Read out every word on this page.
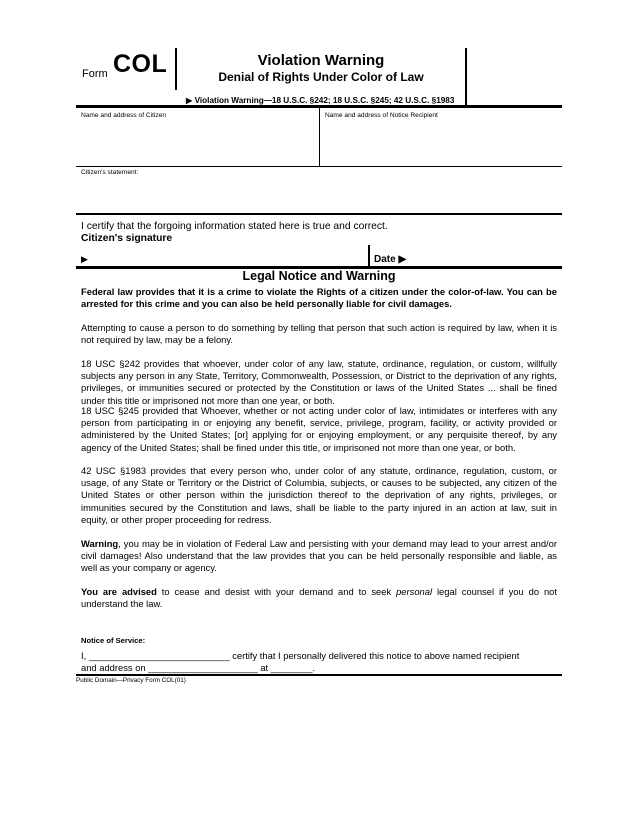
Form COL	Violation Warning
Denial of Rights Under Color of Law
▶ Violation Warning—18 U.S.C. §242; 18 U.S.C. §245; 42 U.S.C. §1983
Name and address of Citizen	Name and address of Notice Recipient
Citizen's statement:
I certify that the forgoing information stated here is true and correct.
Citizen's signature
▶	Date ▶
Legal Notice and Warning
Federal law provides that it is a crime to violate the Rights of a citizen under the color-of-law. You can be arrested for this crime and you can also be held personally liable for civil damages.
Attempting to cause a person to do something by telling that person that such action is required by law, when it is not required by law, may be a felony.
18 USC §242 provides that whoever, under color of any law, statute, ordinance, regulation, or custom, willfully subjects any person in any State, Territory, Commonwealth, Possession, or District to the deprivation of any rights, privileges, or immunities secured or protected by the Constitution or laws of the United States ... shall be fined under this title or imprisoned not more than one year, or both.
18 USC §245 provided that Whoever, whether or not acting under color of law, intimidates or interferes with any person from participating in or enjoying any benefit, service, privilege, program, facility, or activity provided or administered by the United States; [or] applying for or enjoying employment, or any perquisite thereof, by any agency of the United States; shall be fined under this title, or imprisoned not more than one year, or both.
42 USC §1983 provides that every person who, under color of any statute, ordinance, regulation, custom, or usage, of any State or Territory or the District of Columbia, subjects, or causes to be subjected, any citizen of the United States or other person within the jurisdiction thereof to the deprivation of any rights, privileges, or immunities secured by the Constitution and laws, shall be liable to the party injured in an action at law, suit in equity, or other proper proceeding for redress.
Warning, you may be in violation of Federal Law and persisting with your demand may lead to your arrest and/or civil damages! Also understand that the law provides that you can be held personally responsible and liable, as well as your company or agency.
You are advised to cease and desist with your demand and to seek personal legal counsel if you do not understand the law.
Notice of Service:
I, ___________________________ certify that I personally delivered this notice to above named recipient
and address on _____________________ at ________.
Public Domain—Privacy Form COL(01)
